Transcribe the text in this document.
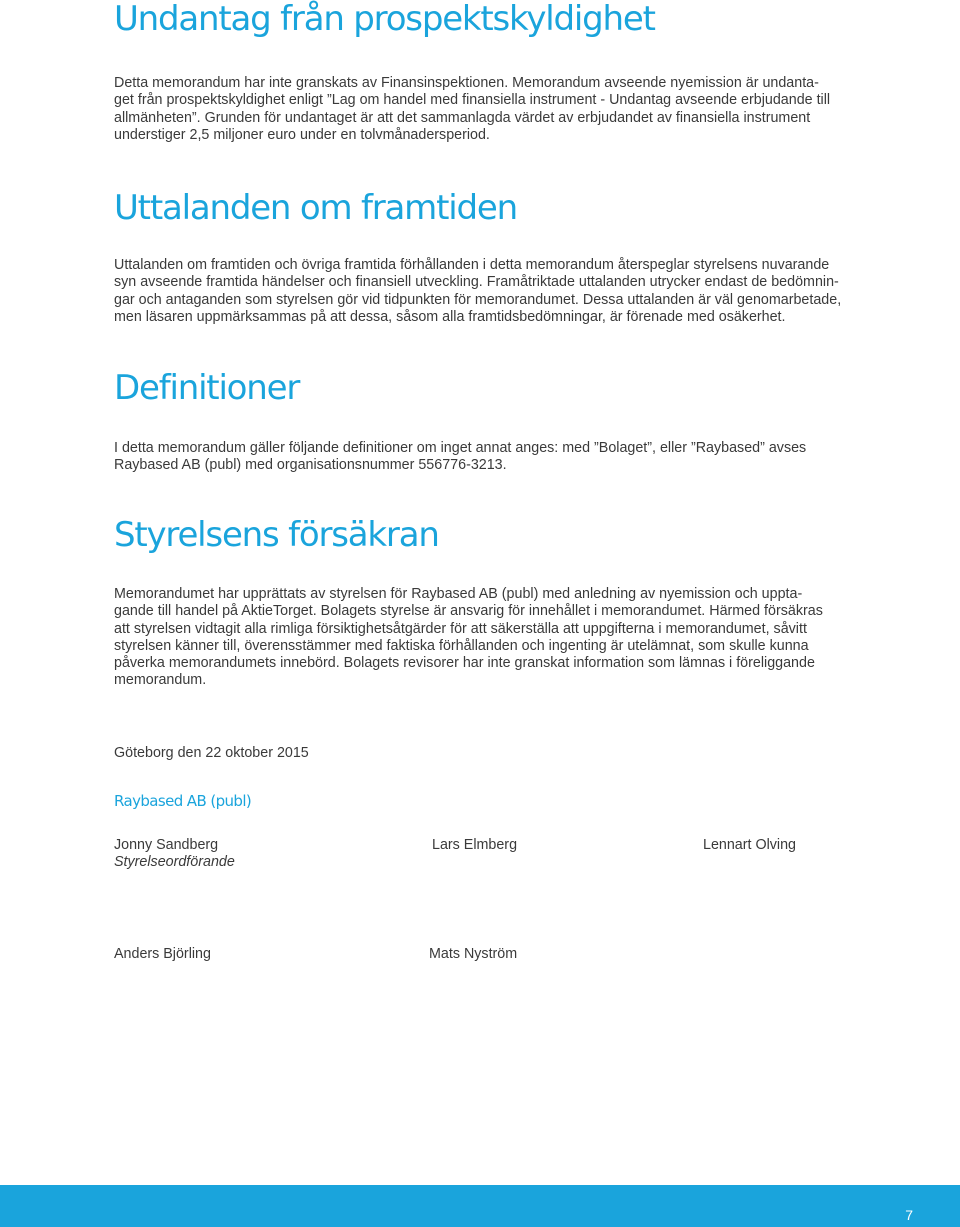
Undantag från prospektskyldighet
Detta memorandum har inte granskats av Finansinspektionen. Memorandum avseende nyemission är undanta-
get från prospektskyldighet enligt ”Lag om handel med finansiella instrument - Undantag avseende erbjudande till
allmänheten”. Grunden för undantaget är att det sammanlagda värdet av erbjudandet av finansiella instrument
understiger 2,5 miljoner euro under en tolvmånadersperiod.
Uttalanden om framtiden
Uttalanden om framtiden och övriga framtida förhållanden i detta memorandum återspeglar styrelsens nuvarande
syn avseende framtida händelser och finansiell utveckling. Framåtriktade uttalanden utrycker endast de bedömnin-
gar och antaganden som styrelsen gör vid tidpunkten för memorandumet. Dessa uttalanden är väl genomarbetade,
men läsaren uppmärksammas på att dessa, såsom alla framtidsbedömningar, är förenade med osäkerhet.
Definitioner
I detta memorandum gäller följande definitioner om inget annat anges: med ”Bolaget”, eller ”Raybased” avses
Raybased AB (publ) med organisationsnummer 556776-3213.
Styrelsens försäkran
Memorandumet har upprättats av styrelsen för Raybased AB (publ) med anledning av nyemission och uppta-
gande till handel på AktieTorget. Bolagets styrelse är ansvarig för innehållet i memorandumet. Härmed försäkras
att styrelsen vidtagit alla rimliga försiktighetsåtgärder för att säkerställa att uppgifterna i memorandumet, såvitt
styrelsen känner till, överensstämmer med faktiska förhållanden och ingenting är utelämnat, som skulle kunna
påverka memorandumets innebörd. Bolagets revisorer har inte granskat information som lämnas i föreliggande
memorandum.

Göteborg den 22 oktober 2015

Raybased AB (publ)

Jonny Sandberg

Styrelseordförande

Lars Elmberg	Lennart Olving

Anders Björling	Mats Nyström

7
